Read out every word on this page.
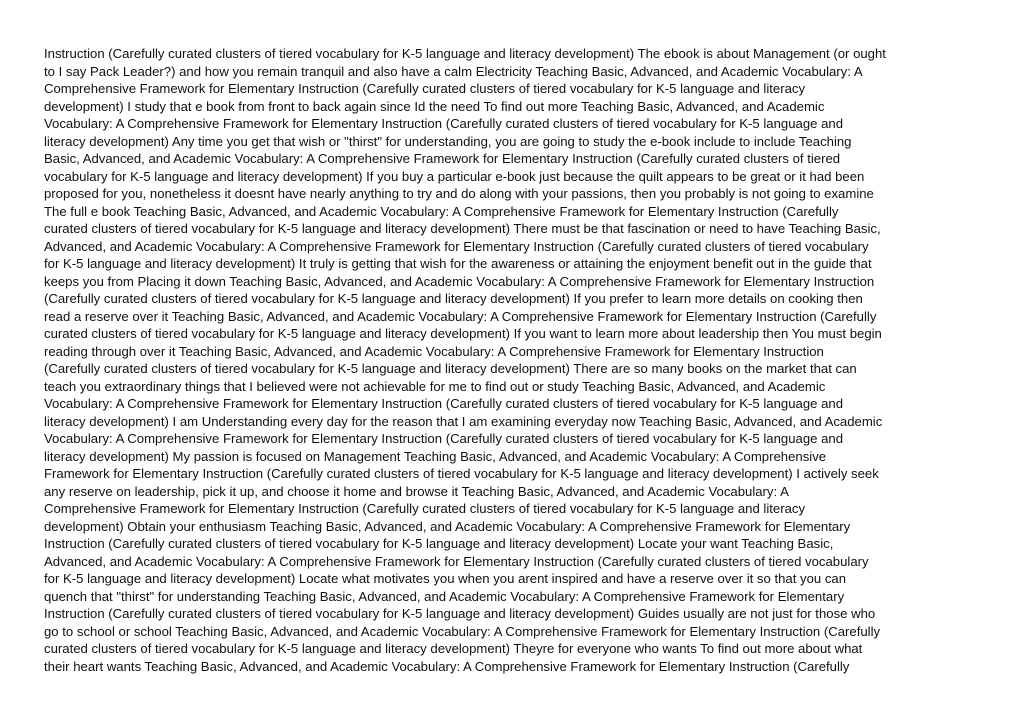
Instruction (Carefully curated clusters of tiered vocabulary for K-5 language and literacy development) The ebook is about Management (or ought
to I say Pack Leader?) and how you remain tranquil and also have a calm Electricity Teaching Basic, Advanced, and Academic Vocabulary: A
Comprehensive Framework for Elementary Instruction (Carefully curated clusters of tiered vocabulary for K-5 language and literacy
development) I study that e book from front to back again since Id the need To find out more Teaching Basic, Advanced, and Academic
Vocabulary: A Comprehensive Framework for Elementary Instruction (Carefully curated clusters of tiered vocabulary for K-5 language and
literacy development) Any time you get that wish or "thirst" for understanding, you are going to study the e-book include to include Teaching
Basic, Advanced, and Academic Vocabulary: A Comprehensive Framework for Elementary Instruction (Carefully curated clusters of tiered
vocabulary for K-5 language and literacy development) If you buy a particular e-book just because the quilt appears to be great or it had been
proposed for you, nonetheless it doesnt have nearly anything to try and do along with your passions, then you probably is not going to examine
The full e book Teaching Basic, Advanced, and Academic Vocabulary: A Comprehensive Framework for Elementary Instruction (Carefully
curated clusters of tiered vocabulary for K-5 language and literacy development) There must be that fascination or need to have Teaching Basic,
Advanced, and Academic Vocabulary: A Comprehensive Framework for Elementary Instruction (Carefully curated clusters of tiered vocabulary
for K-5 language and literacy development) It truly is getting that wish for the awareness or attaining the enjoyment benefit out in the guide that
keeps you from Placing it down Teaching Basic, Advanced, and Academic Vocabulary: A Comprehensive Framework for Elementary Instruction
(Carefully curated clusters of tiered vocabulary for K-5 language and literacy development) If you prefer to learn more details on cooking then
read a reserve over it Teaching Basic, Advanced, and Academic Vocabulary: A Comprehensive Framework for Elementary Instruction (Carefully
curated clusters of tiered vocabulary for K-5 language and literacy development) If you want to learn more about leadership then You must begin
reading through over it Teaching Basic, Advanced, and Academic Vocabulary: A Comprehensive Framework for Elementary Instruction
(Carefully curated clusters of tiered vocabulary for K-5 language and literacy development) There are so many books on the market that can
teach you extraordinary things that I believed were not achievable for me to find out or study Teaching Basic, Advanced, and Academic
Vocabulary: A Comprehensive Framework for Elementary Instruction (Carefully curated clusters of tiered vocabulary for K-5 language and
literacy development) I am Understanding every day for the reason that I am examining everyday now Teaching Basic, Advanced, and Academic
Vocabulary: A Comprehensive Framework for Elementary Instruction (Carefully curated clusters of tiered vocabulary for K-5 language and
literacy development) My passion is focused on Management Teaching Basic, Advanced, and Academic Vocabulary: A Comprehensive
Framework for Elementary Instruction (Carefully curated clusters of tiered vocabulary for K-5 language and literacy development) I actively seek
any reserve on leadership, pick it up, and choose it home and browse it Teaching Basic, Advanced, and Academic Vocabulary: A
Comprehensive Framework for Elementary Instruction (Carefully curated clusters of tiered vocabulary for K-5 language and literacy
development) Obtain your enthusiasm Teaching Basic, Advanced, and Academic Vocabulary: A Comprehensive Framework for Elementary
Instruction (Carefully curated clusters of tiered vocabulary for K-5 language and literacy development) Locate your want Teaching Basic,
Advanced, and Academic Vocabulary: A Comprehensive Framework for Elementary Instruction (Carefully curated clusters of tiered vocabulary
for K-5 language and literacy development) Locate what motivates you when you arent inspired and have a reserve over it so that you can
quench that "thirst" for understanding Teaching Basic, Advanced, and Academic Vocabulary: A Comprehensive Framework for Elementary
Instruction (Carefully curated clusters of tiered vocabulary for K-5 language and literacy development) Guides usually are not just for those who
go to school or school Teaching Basic, Advanced, and Academic Vocabulary: A Comprehensive Framework for Elementary Instruction (Carefully
curated clusters of tiered vocabulary for K-5 language and literacy development) Theyre for everyone who wants To find out more about what
their heart wants Teaching Basic, Advanced, and Academic Vocabulary: A Comprehensive Framework for Elementary Instruction (Carefully
